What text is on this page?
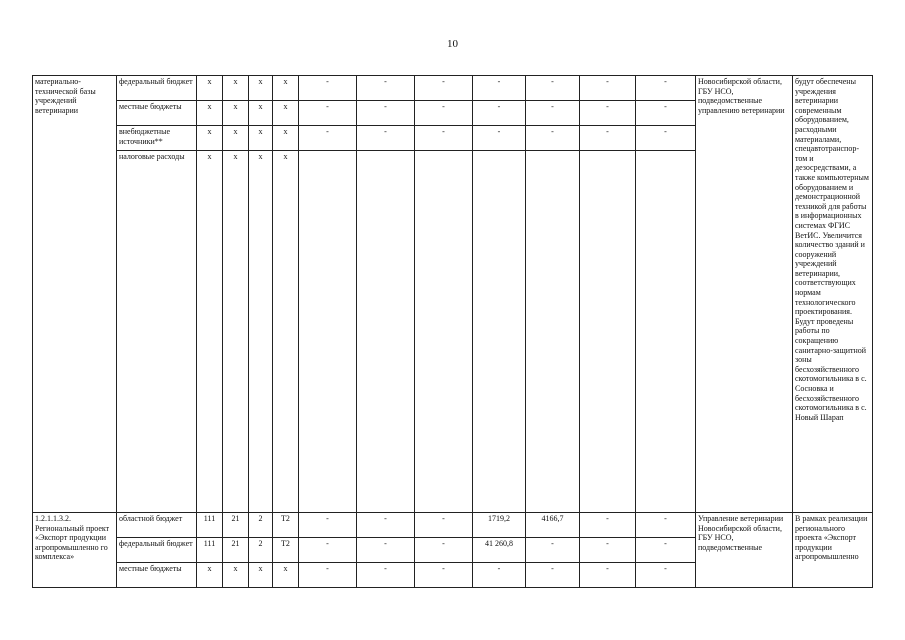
10
материально-технической базы учреждений ветеринарии	федеральный бюджет	x	x	x	x	-	-	-	-	-	-	-	Новосибирской области, ГБУ НСО, подведомственные управлению ветеринарии	будут обеспечены учреждения ветеринарии современным оборудованием, расходными материалами, спецавтотранспор-том и дезосредствами, а также компьютерным оборудованием и демонстрационной техникой для работы в информационных системах ФГИС ВетИС. Увеличится количество зданий и сооружений учреждений ветеринарии, соответствующих нормам технологического проектирования. Будут проведены работы по сокращению санитарно-защитной зоны бесхозяйственного скотомогильника в с. Сосновка и бесхозяйственного скотомогильника в с. Новый Шарап

	местные бюджеты	x	x	x	x	-	-	-	-	-	-	-		
	внебюджетные источники**	x	x	x	x	-	-	-	-	-	-	-		
	налоговые расходы	x	x	x	x									

1.2.1.1.3.2. Региональный проект «Экспорт продукции агропромышленно го комплекса»	областной бюджет	111	21	2	T2	-	-	-	1719,2	4166,7	-	-	Управление ветеринарии Новосибирской области, ГБУ НСО, подведомственные	В рамках реализации регионального проекта «Экспорт продукции агропромышленно

	федеральный бюджет	111	21	2	T2	-	-	-	41 260,8	-	-	-		
	местные бюджеты	x	x	x	x	-	-	-	-	-	-	-		
